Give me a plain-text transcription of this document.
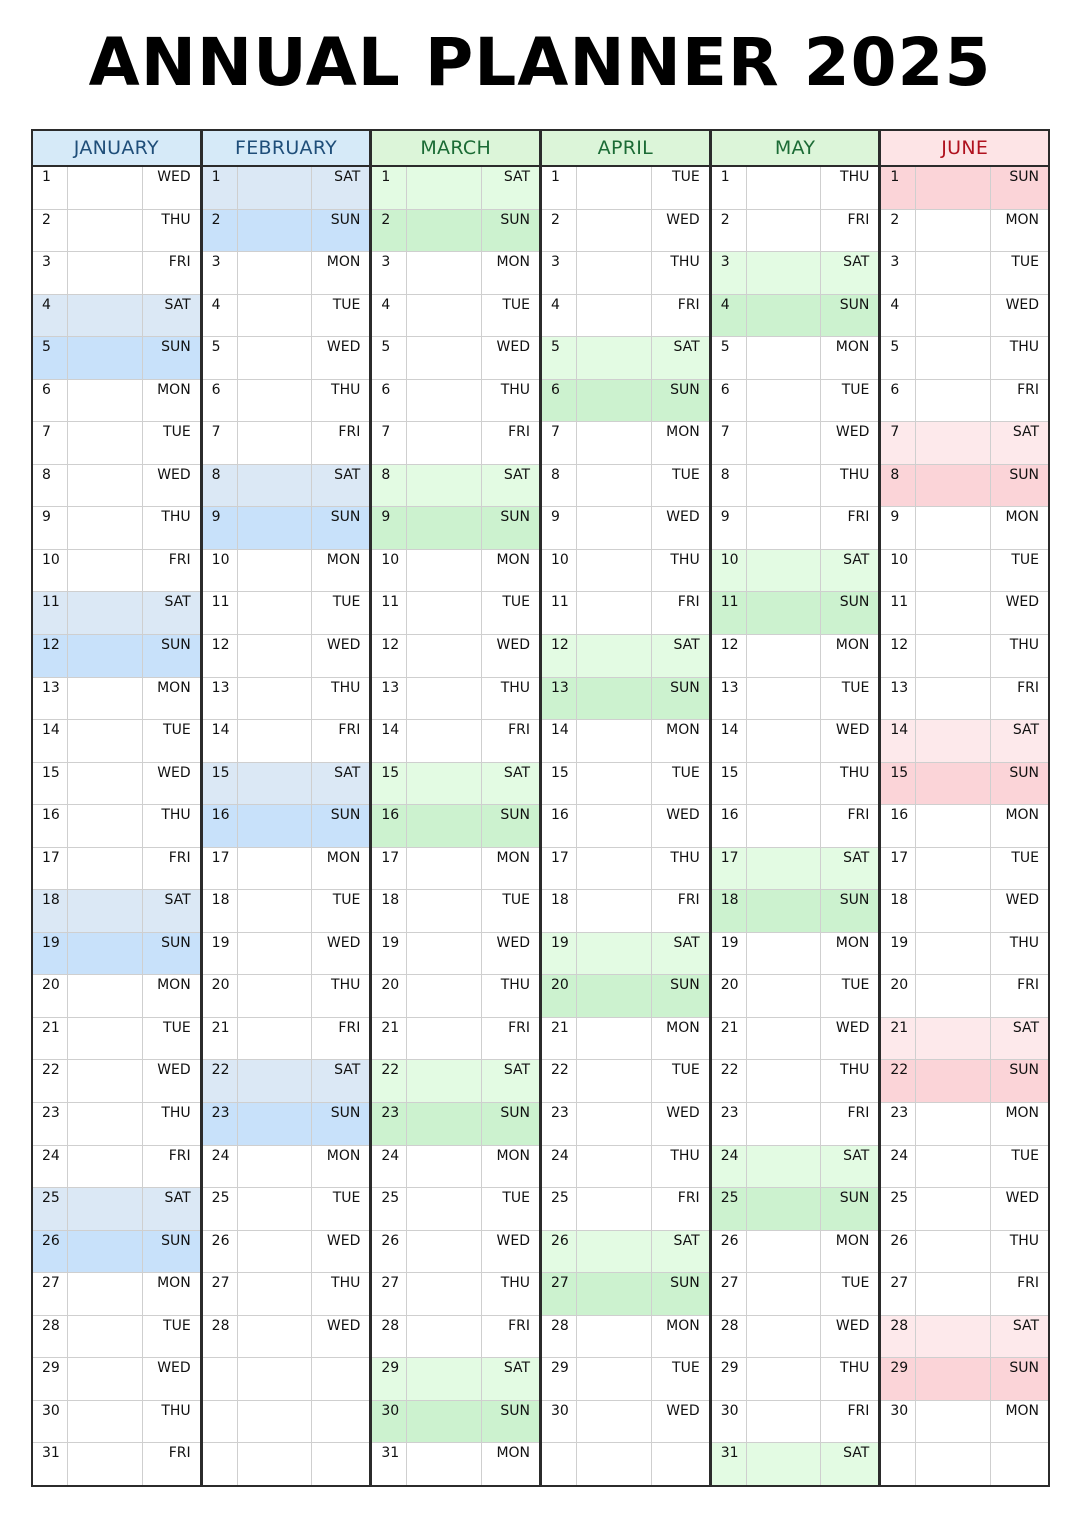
ANNUAL PLANNER 2025
JANUARY
1	WED
2	THU
3	FRI
4	SAT
5	SUN
6	MON
7	TUE
8	WED
9	THU
10	FRI
11	SAT
12	SUN
13	MON
14	TUE
15	WED
16	THU
17	FRI
18	SAT
19	SUN
20	MON
21	TUE
22	WED
23	THU
24	FRI
25	SAT
26	SUN
27	MON
28	TUE
29	WED
30	THU
31	FRI
FEBRUARY
1	SAT
2	SUN
3	MON
4	TUE
5	WED
6	THU
7	FRI
8	SAT
9	SUN
10	MON
11	TUE
12	WED
13	THU
14	FRI
15	SAT
16	SUN
17	MON
18	TUE
19	WED
20	THU
21	FRI
22	SAT
23	SUN
24	MON
25	TUE
26	WED
27	THU
28	WED
MARCH
1	SAT
2	SUN
3	MON
4	TUE
5	WED
6	THU
7	FRI
8	SAT
9	SUN
10	MON
11	TUE
12	WED
13	THU
14	FRI
15	SAT
16	SUN
17	MON
18	TUE
19	WED
20	THU
21	FRI
22	SAT
23	SUN
24	MON
25	TUE
26	WED
27	THU
28	FRI
29	SAT
30	SUN
31	MON
APRIL
1	TUE
2	WED
3	THU
4	FRI
5	SAT
6	SUN
7	MON
8	TUE
9	WED
10	THU
11	FRI
12	SAT
13	SUN
14	MON
15	TUE
16	WED
17	THU
18	FRI
19	SAT
20	SUN
21	MON
22	TUE
23	WED
24	THU
25	FRI
26	SAT
27	SUN
28	MON
29	TUE
30	WED
MAY
1	THU
2	FRI
3	SAT
4	SUN
5	MON
6	TUE
7	WED
8	THU
9	FRI
10	SAT
11	SUN
12	MON
13	TUE
14	WED
15	THU
16	FRI
17	SAT
18	SUN
19	MON
20	TUE
21	WED
22	THU
23	FRI
24	SAT
25	SUN
26	MON
27	TUE
28	WED
29	THU
30	FRI
31	SAT
JUNE
1	SUN
2	MON
3	TUE
4	WED
5	THU
6	FRI
7	SAT
8	SUN
9	MON
10	TUE
11	WED
12	THU
13	FRI
14	SAT
15	SUN
16	MON
17	TUE
18	WED
19	THU
20	FRI
21	SAT
22	SUN
23	MON
24	TUE
25	WED
26	THU
27	FRI
28	SAT
29	SUN
30	MON
